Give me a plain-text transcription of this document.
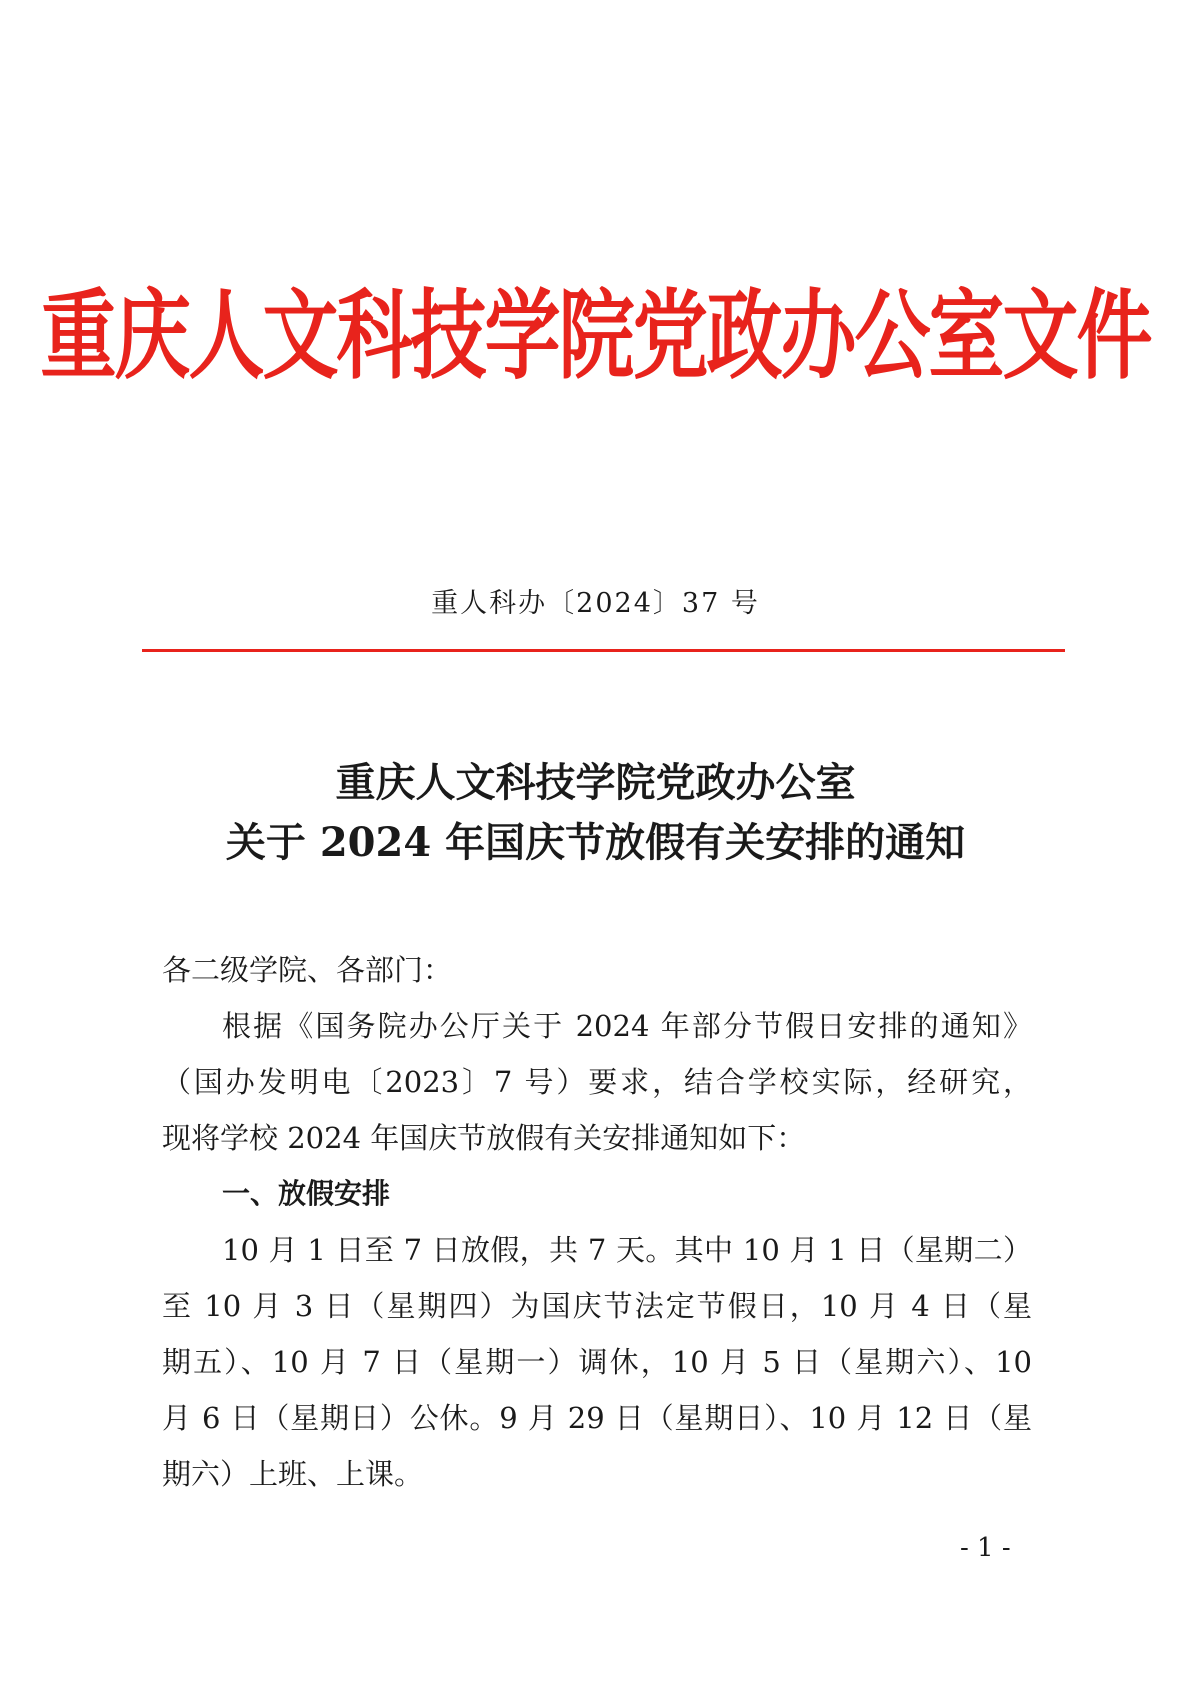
重庆人文科技学院党政办公室文件
重人科办〔2024〕37 号
重庆人文科技学院党政办公室
关于 2024 年国庆节放假有关安排的通知
各二级学院、各部门：
根据《国务院办公厅关于 2024 年部分节假日安排的通知》
（国办发明电〔2023〕7 号）要求，结合学校实际，经研究，
现将学校 2024 年国庆节放假有关安排通知如下：
一、放假安排
10 月 1 日至 7 日放假，共 7 天。其中 10 月 1 日（星期二）
至 10 月 3 日（星期四）为国庆节法定节假日，10 月 4 日（星
期五）、10 月 7 日（星期一）调休，10 月 5 日（星期六）、10
月 6 日（星期日）公休。9 月 29 日（星期日）、10 月 12 日（星
期六）上班、上课。
- 1 -
